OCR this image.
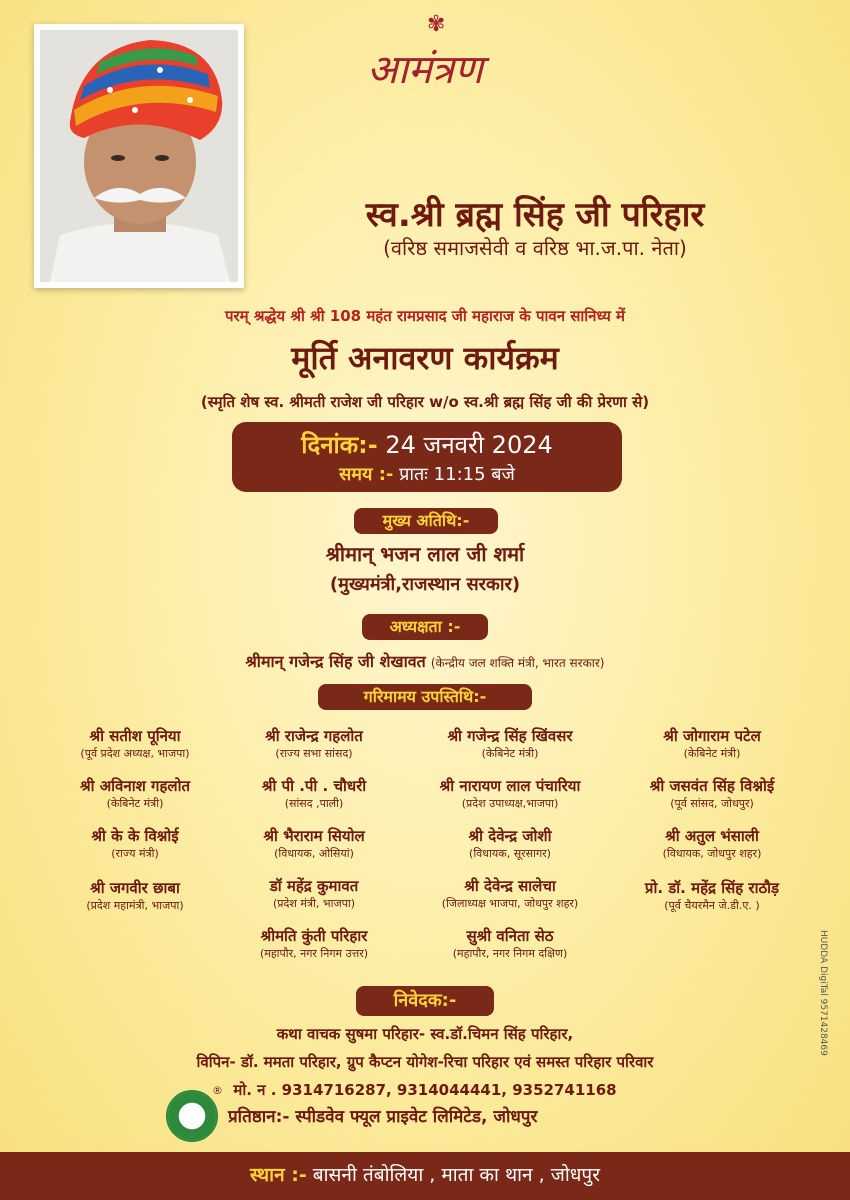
✾
आमंत्रण
स्व.श्री ब्रह्म सिंह जी परिहार
(वरिष्ठ समाजसेवी व वरिष्ठ भा.ज.पा. नेता)
परम् श्रद्धेय श्री श्री 108 महंत रामप्रसाद जी महाराज के पावन सानिध्य में
मूर्ति अनावरण कार्यक्रम
(स्मृति शेष स्व. श्रीमती राजेश जी परिहार w/o स्व.श्री ब्रह्म सिंह जी की प्रेरणा से)
दिनांक:- 24 जनवरी 2024
समय :- प्रातः 11:15 बजे
मुख्य अतिथि:-
श्रीमान् भजन लाल जी शर्मा
(मुख्यमंत्री,राजस्थान सरकार)
अध्यक्षता :-
श्रीमान् गजेन्द्र सिंह जी शेखावत (केन्द्रीय जल शक्ति मंत्री, भारत सरकार)
गरिमामय उपस्तिथि:-
श्री सतीश पूनिया
(पूर्व प्रदेश अध्यक्ष, भाजपा)
श्री अविनाश गहलोत
(केबिनेट मंत्री)
श्री के के विश्नोई
(राज्य मंत्री)
श्री जगवीर छाबा
(प्रदेश महामंत्री, भाजपा)
श्री राजेन्द्र गहलोत
(राज्य सभा सांसद)
श्री पी .पी . चौधरी
(सांसद ,पाली)
श्री भैराराम सियोल
(विधायक, ओसियां)
डॉ महेंद्र कुमावत
(प्रदेश मंत्री, भाजपा)
श्रीमति कुंती परिहार
(महापौर, नगर निगम उत्तर)
श्री गजेन्द्र सिंह खिंवसर
(केबिनेट मंत्री)
श्री नारायण लाल पंचारिया
(प्रदेश उपाध्यक्ष,भाजपा)
श्री देवेन्द्र जोशी
(विधायक, सूरसागर)
श्री देवेन्द्र सालेचा
(जिलाध्यक्ष भाजपा, जोधपुर शहर)
सुश्री वनिता सेठ
(महापौर, नगर निगम दक्षिण)
श्री जोगाराम पटेल
(केबिनेट मंत्री)
श्री जसवंत सिंह विश्नोई
(पूर्व सांसद, जोधपुर)
श्री अतुल भंसाली
(विधायक, जोधपुर शहर)
प्रो. डॉ. महेंद्र सिंह राठौड़
(पूर्व चैयरमैन जे.डी.ए. )
निवेदक:-
कथा वाचक सुषमा परिहार- स्व.डॉ.चिमन सिंह परिहार,
विपिन- डॉ. ममता परिहार, ग्रुप कैप्टन योगेश-रिचा परिहार एवं समस्त परिहार परिवार
मो. न . 9314716287, 9314044441, 9352741168
®
प्रतिष्ठान:- स्पीडवेव फ्यूल प्राइवेट लिमिटेड, जोधपुर
HUDDA DigiTal 9571428469
स्थान :- बासनी तंबोलिया , माता का थान , जोधपुर
